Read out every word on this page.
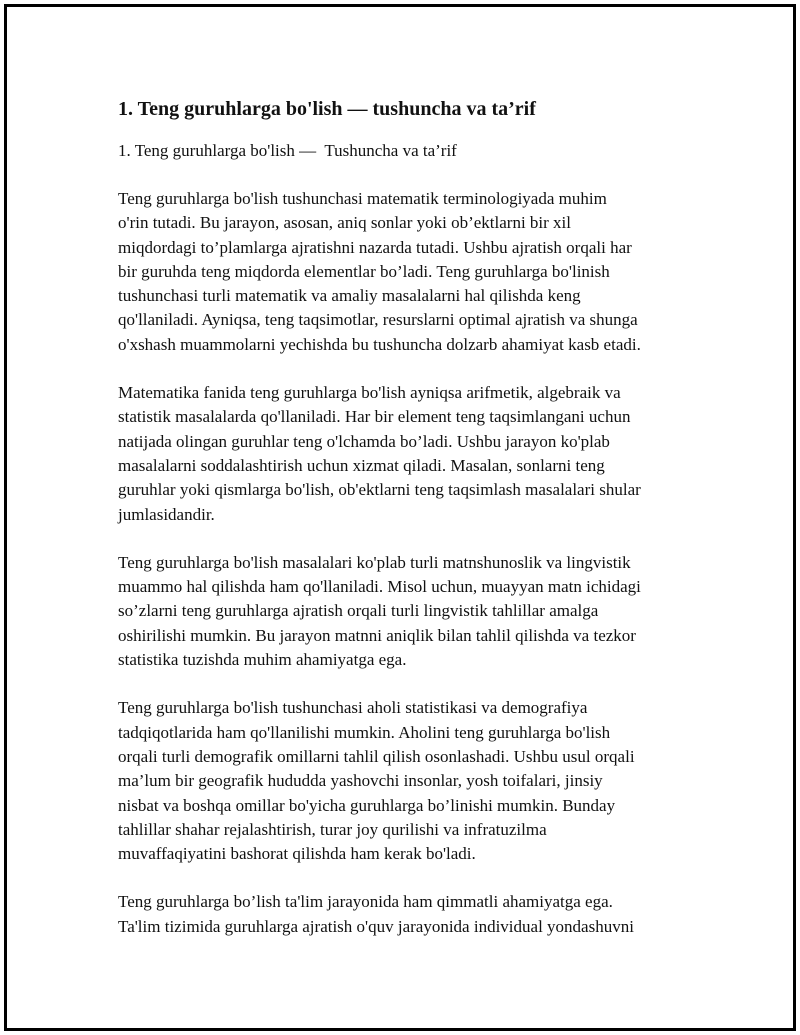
1. Teng guruhlarga bo'lish — tushuncha va ta’rif
1. Teng guruhlarga bo'lish —  Tushuncha va ta’rif
Teng guruhlarga bo'lish tushunchasi matematik terminologiyada muhim
o'rin tutadi. Bu jarayon, asosan, aniq sonlar yoki ob’ektlarni bir xil
miqdordagi to’plamlarga ajratishni nazarda tutadi. Ushbu ajratish orqali har
bir guruhda teng miqdorda elementlar bo’ladi. Teng guruhlarga bo'linish
tushunchasi turli matematik va amaliy masalalarni hal qilishda keng
qo'llaniladi. Ayniqsa, teng taqsimotlar, resurslarni optimal ajratish va shunga
o'xshash muammolarni yechishda bu tushuncha dolzarb ahamiyat kasb etadi.
Matematika fanida teng guruhlarga bo'lish ayniqsa arifmetik, algebraik va
statistik masalalarda qo'llaniladi. Har bir element teng taqsimlangani uchun
natijada olingan guruhlar teng o'lchamda bo’ladi. Ushbu jarayon ko'plab
masalalarni soddalashtirish uchun xizmat qiladi. Masalan, sonlarni teng
guruhlar yoki qismlarga bo'lish, ob'ektlarni teng taqsimlash masalalari shular
jumlasidandir.
Teng guruhlarga bo'lish masalalari ko'plab turli matnshunoslik va lingvistik
muammo hal qilishda ham qo'llaniladi. Misol uchun, muayyan matn ichidagi
so’zlarni teng guruhlarga ajratish orqali turli lingvistik tahlillar amalga
oshirilishi mumkin. Bu jarayon matnni aniqlik bilan tahlil qilishda va tezkor
statistika tuzishda muhim ahamiyatga ega.
Teng guruhlarga bo'lish tushunchasi aholi statistikasi va demografiya
tadqiqotlarida ham qo'llanilishi mumkin. Aholini teng guruhlarga bo'lish
orqali turli demografik omillarni tahlil qilish osonlashadi. Ushbu usul orqali
ma’lum bir geografik hududda yashovchi insonlar, yosh toifalari, jinsiy
nisbat va boshqa omillar bo'yicha guruhlarga bo’linishi mumkin. Bunday
tahlillar shahar rejalashtirish, turar joy qurilishi va infratuzilma
muvaffaqiyatini bashorat qilishda ham kerak bo'ladi.
Teng guruhlarga bo’lish ta'lim jarayonida ham qimmatli ahamiyatga ega.
Ta'lim tizimida guruhlarga ajratish o'quv jarayonida individual yondashuvni
